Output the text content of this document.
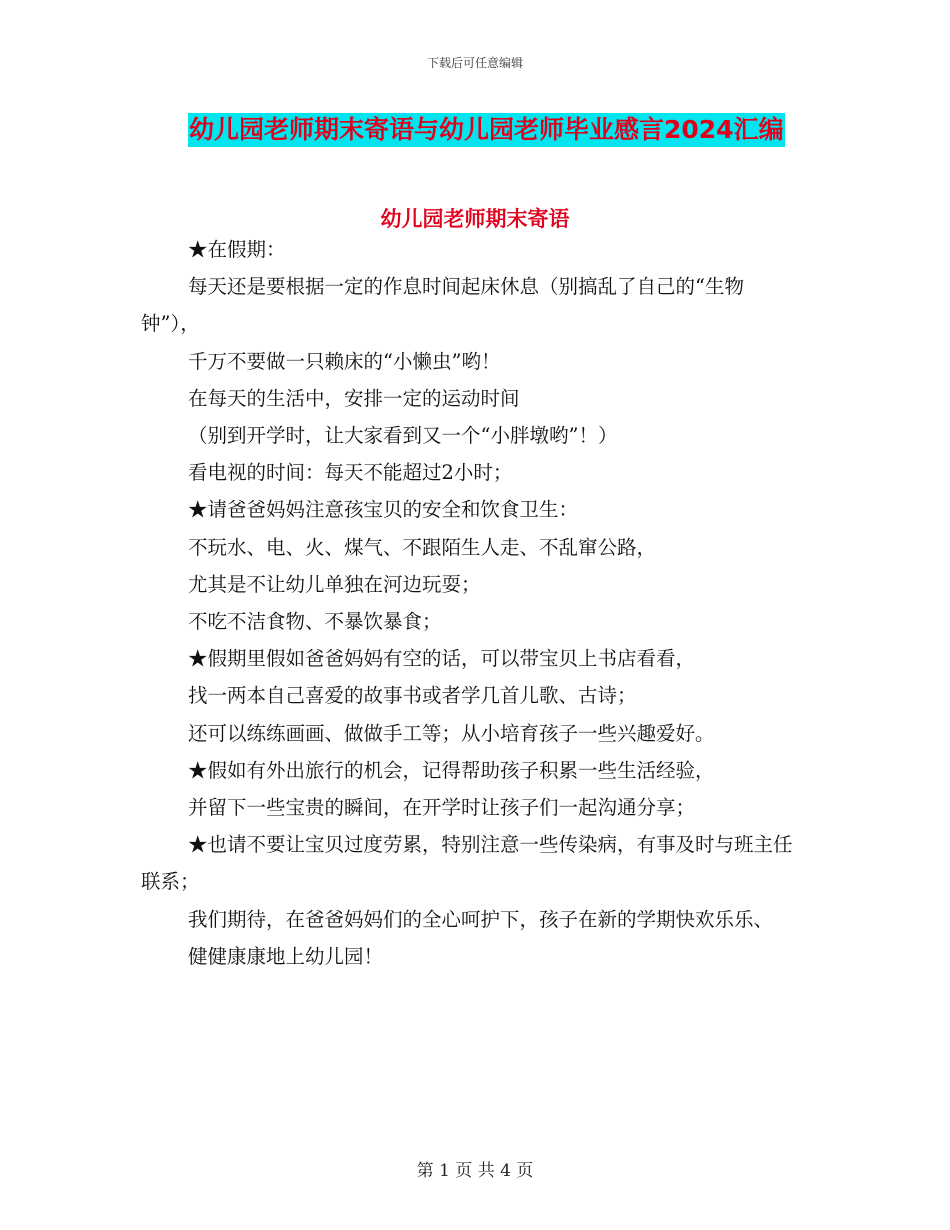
下载后可任意编辑
幼儿园老师期末寄语与幼儿园老师毕业感言2024汇编
幼儿园老师期末寄语

★在假期：

每天还是要根据一定的作息时间起床休息（别搞乱了自己的“生物钟”），

千万不要做一只赖床的“小懒虫”哟！

在每天的生活中，安排一定的运动时间

（别到开学时，让大家看到又一个“小胖墩哟”！）

看电视的时间：每天不能超过2小时；

★请爸爸妈妈注意孩宝贝的安全和饮食卫生：

不玩水、电、火、煤气、不跟陌生人走、不乱窜公路，

尤其是不让幼儿单独在河边玩耍；

不吃不洁食物、不暴饮暴食；

★假期里假如爸爸妈妈有空的话，可以带宝贝上书店看看，

找一两本自己喜爱的故事书或者学几首儿歌、古诗；

还可以练练画画、做做手工等；从小培育孩子一些兴趣爱好。

★假如有外出旅行的机会，记得帮助孩子积累一些生活经验，

并留下一些宝贵的瞬间，在开学时让孩子们一起沟通分享；

★也请不要让宝贝过度劳累，特别注意一些传染病，有事及时与班主任联系；

我们期待，在爸爸妈妈们的全心呵护下，孩子在新的学期快欢乐乐、

健健康康地上幼儿园！

第 1 页 共 4 页
